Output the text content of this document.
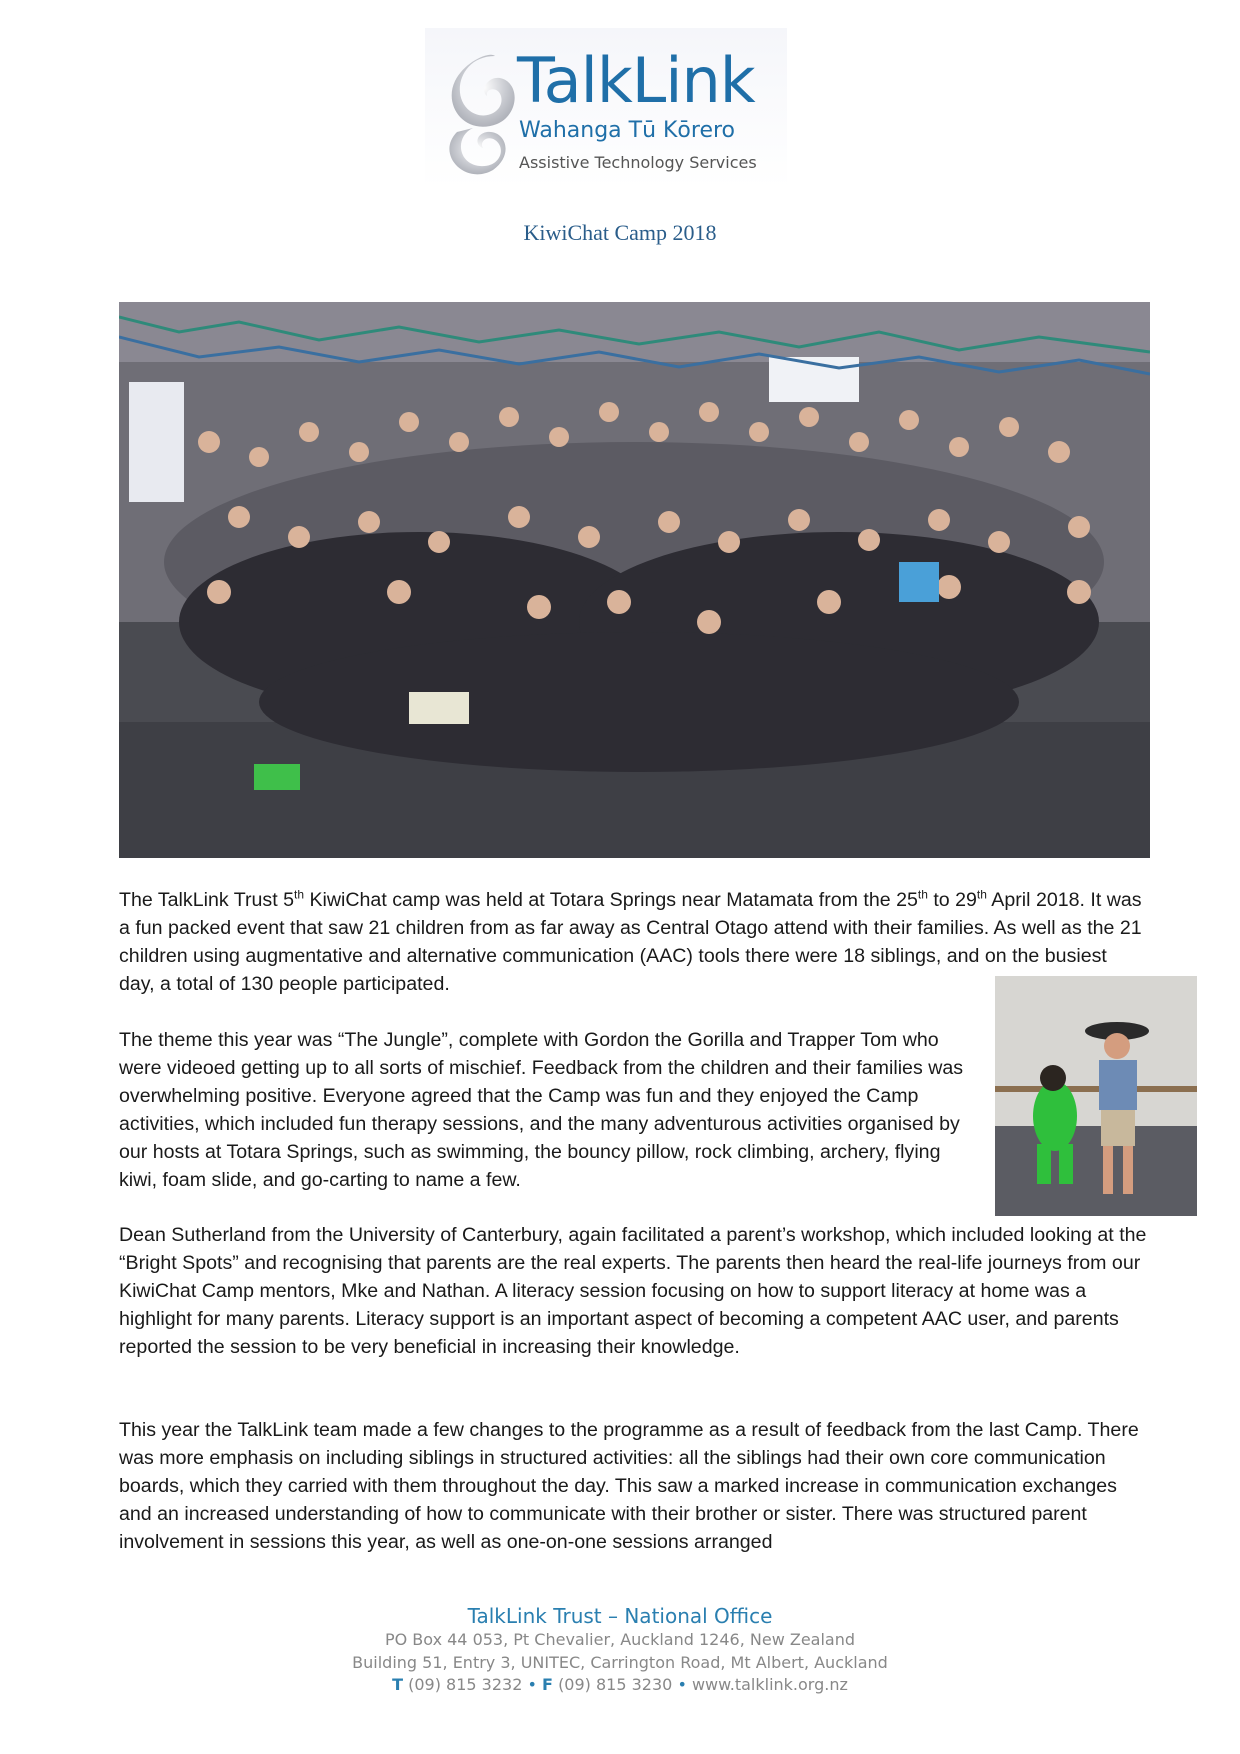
TalkLink
Wahanga Tū Kōrero
Assistive Technology Services
KiwiChat Camp 2018

The TalkLink Trust 5th KiwiChat camp was held at Totara Springs near Matamata from the 25th to 29th April 2018. It was a fun packed event that saw 21 children from as far away as Central Otago attend with their families. As well as the 21 children using augmentative and alternative communication (AAC) tools there were 18 siblings, and on the busiest day, a total of 130 people participated.

The theme this year was “The Jungle”, complete with Gordon the Gorilla and Trapper Tom who were videoed getting up to all sorts of mischief. Feedback from the children and their families was overwhelming positive. Everyone agreed that the Camp was fun and they enjoyed the Camp activities, which included fun therapy sessions, and the many adventurous activities organised by our hosts at Totara Springs, such as swimming, the bouncy pillow, rock climbing, archery, flying kiwi, foam slide, and go-carting to name a few.

Dean Sutherland from the University of Canterbury, again facilitated a parent’s workshop, which included looking at the “Bright Spots” and recognising that parents are the real experts. The parents then heard the real-life journeys from our KiwiChat Camp mentors, Mke and Nathan. A literacy session focusing on how to support literacy at home was a highlight for many parents. Literacy support is an important aspect of becoming a competent AAC user, and parents reported the session to be very beneficial in increasing their knowledge.

This year the TalkLink team made a few changes to the programme as a result of feedback from the last Camp. There was more emphasis on including siblings in structured activities: all the siblings had their own core communication boards, which they carried with them throughout the day. This saw a marked increase in communication exchanges and an increased understanding of how to communicate with their brother or sister. There was structured parent involvement in sessions this year, as well as one-on-one sessions arranged

TalkLink Trust – National Office
PO Box 44 053, Pt Chevalier, Auckland 1246, New Zealand
Building 51, Entry 3, UNITEC, Carrington Road, Mt Albert, Auckland
T (09) 815 3232 • F (09) 815 3230 • www.talklink.org.nz
